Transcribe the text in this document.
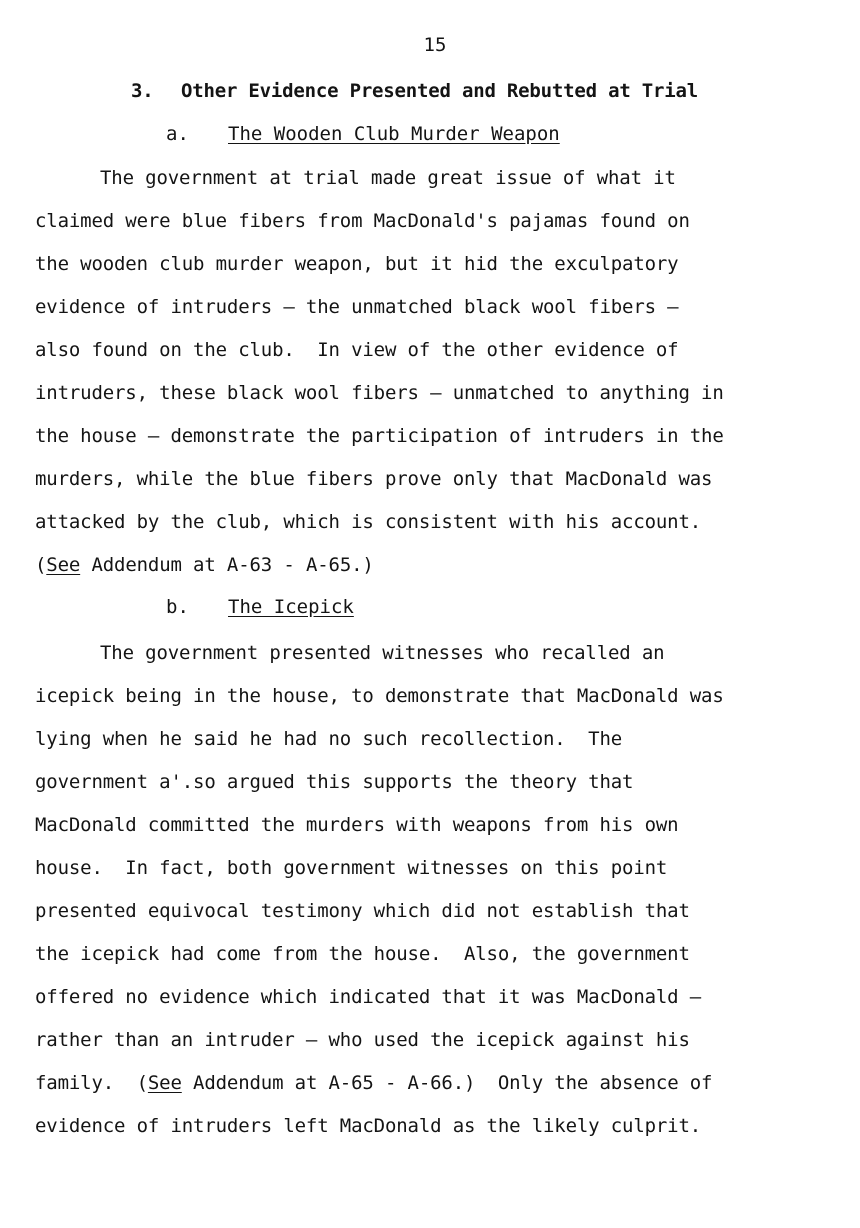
15
3. Other Evidence Presented and Rebutted at Trial
a. The Wooden Club Murder Weapon
The government at trial made great issue of what it
claimed were blue fibers from MacDonald's pajamas found on
the wooden club murder weapon, but it hid the exculpatory
evidence of intruders — the unmatched black wool fibers —
also found on the club.  In view of the other evidence of
intruders, these black wool fibers — unmatched to anything in
the house — demonstrate the participation of intruders in the
murders, while the blue fibers prove only that MacDonald was
attacked by the club, which is consistent with his account.
(See Addendum at A-63 - A-65.)
b. The Icepick
The government presented witnesses who recalled an
icepick being in the house, to demonstrate that MacDonald was
lying when he said he had no such recollection.  The
government a'.so argued this supports the theory that
MacDonald committed the murders with weapons from his own
house.  In fact, both government witnesses on this point
presented equivocal testimony which did not establish that
the icepick had come from the house.  Also, the government
offered no evidence which indicated that it was MacDonald —
rather than an intruder — who used the icepick against his
family.  (See Addendum at A-65 - A-66.)  Only the absence of
evidence of intruders left MacDonald as the likely culprit.
